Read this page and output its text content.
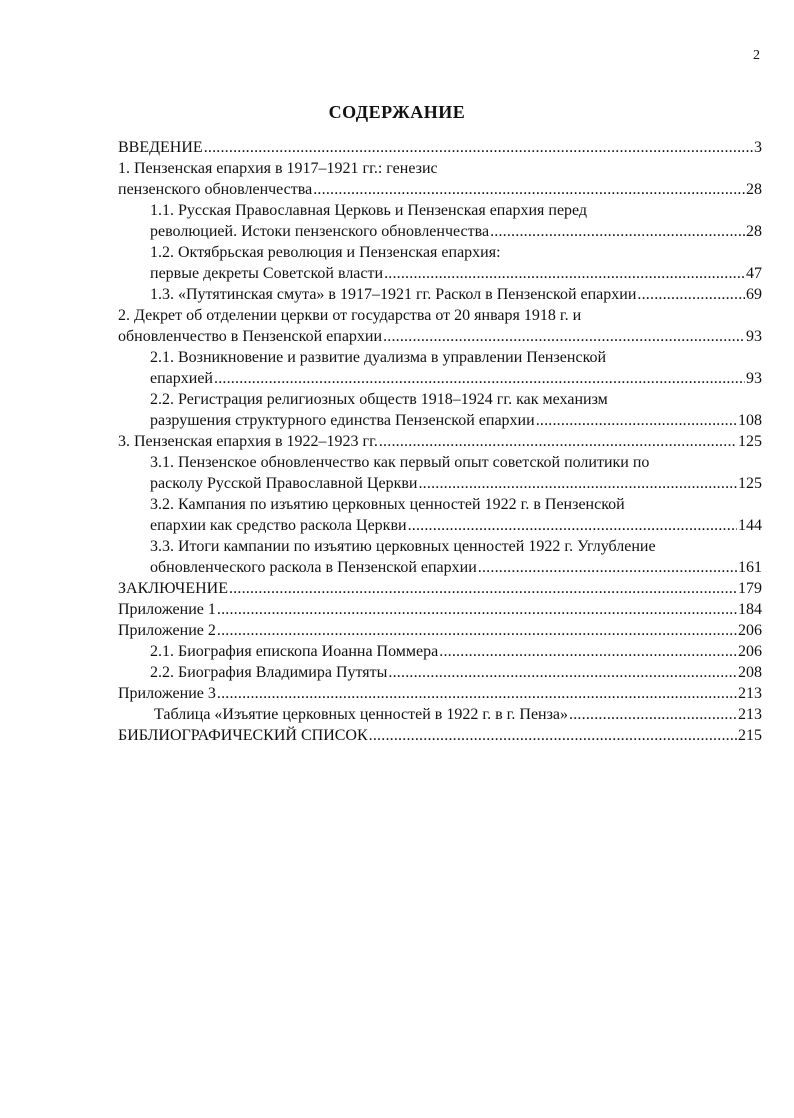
2
СОДЕРЖАНИЕ
ВВЕДЕНИЕ .....	3
1. Пензенская епархия в 1917–1921 гг.: генезис
пензенского обновленчества .....	28
1.1. Русская Православная Церковь и Пензенская епархия перед
революцией. Истоки пензенского обновленчества .....	28
1.2. Октябрьская революция и Пензенская епархия:
первые декреты Советской власти .....	47
1.3. «Путятинская смута» в 1917–1921 гг. Раскол в Пензенской епархии .....	69
2. Декрет об отделении церкви от государства от 20 января 1918 г. и
обновленчество в Пензенской епархии .....	93
2.1. Возникновение и развитие дуализма в управлении Пензенской
епархией .....	93
2.2. Регистрация религиозных обществ 1918–1924 гг. как механизм
разрушения структурного единства Пензенской епархии .....	108
3. Пензенская епархия в 1922–1923 гг. .....	125
3.1. Пензенское обновленчество как первый опыт советской политики по
расколу Русской Православной Церкви .....	125
3.2. Кампания по изъятию церковных ценностей 1922 г. в Пензенской
епархии как средство раскола Церкви .....	144
3.3. Итоги кампании по изъятию церковных ценностей 1922 г. Углубление
обновленческого раскола в Пензенской епархии .....	161
ЗАКЛЮЧЕНИЕ .....	179
Приложение 1 .....	184
Приложение 2 .....	206
2.1. Биография епископа Иоанна Поммера .....	206
2.2. Биография Владимира Путяты .....	208
Приложение 3 .....	213
Таблица «Изъятие церковных ценностей в 1922 г. в г. Пенза» .....	213
БИБЛИОГРАФИЧЕСКИЙ СПИСОК .....	215
